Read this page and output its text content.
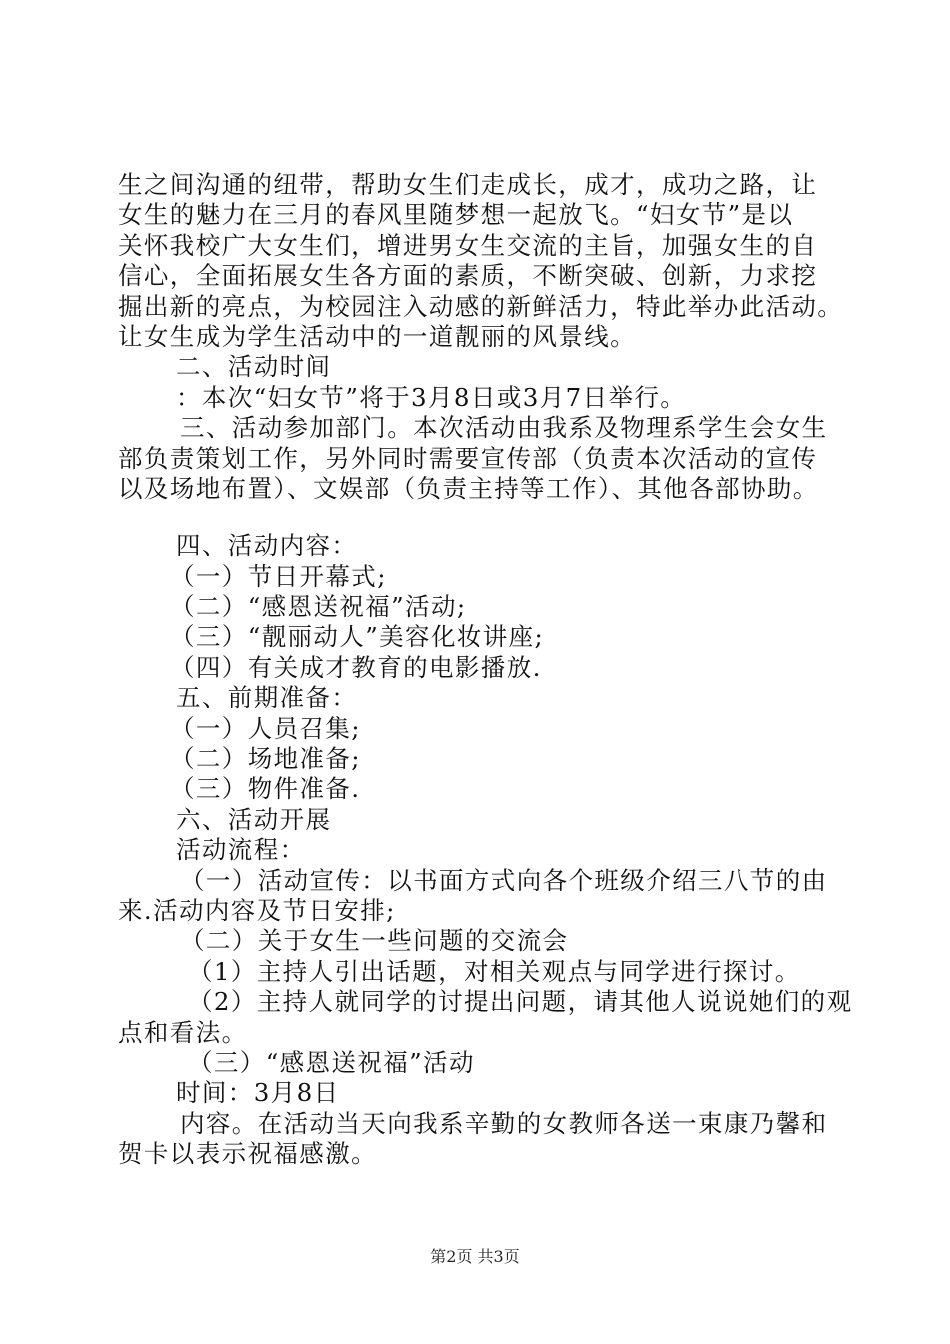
生之间沟通的纽带，帮助女生们走成长，成才，成功之路，让
女生的魅力在三月的春风里随梦想一起放飞。“妇女节”是以
关怀我校广大女生们，增进男女生交流的主旨，加强女生的自
信心，全面拓展女生各方面的素质，不断突破、创新，力求挖
掘出新的亮点，为校园注入动感的新鲜活力，特此举办此活动。
让女生成为学生活动中的一道靓丽的风景线。
二、活动时间
：本次“妇女节”将于3月8日或3月7日举行。
三、活动参加部门。本次活动由我系及物理系学生会女生
部负责策划工作，另外同时需要宣传部（负责本次活动的宣传
以及场地布置）、文娱部（负责主持等工作）、其他各部协助。
四、活动内容：
（一）节日开幕式;
（二）“感恩送祝福”活动;
（三）“靓丽动人”美容化妆讲座;
（四）有关成才教育的电影播放.
五、前期准备：
（一）人员召集;
（二）场地准备;
（三）物件准备.
六、活动开展
活动流程：
（一）活动宣传：以书面方式向各个班级介绍三八节的由
来.活动内容及节日安排;
（二）关于女生一些问题的交流会
（1）主持人引出话题，对相关观点与同学进行探讨。
（2）主持人就同学的讨提出问题，请其他人说说她们的观
点和看法。
（三）“感恩送祝福”活动
时间：3月8日
内容。在活动当天向我系辛勤的女教师各送一束康乃馨和
贺卡以表示祝福感激。
第2页 共3页
